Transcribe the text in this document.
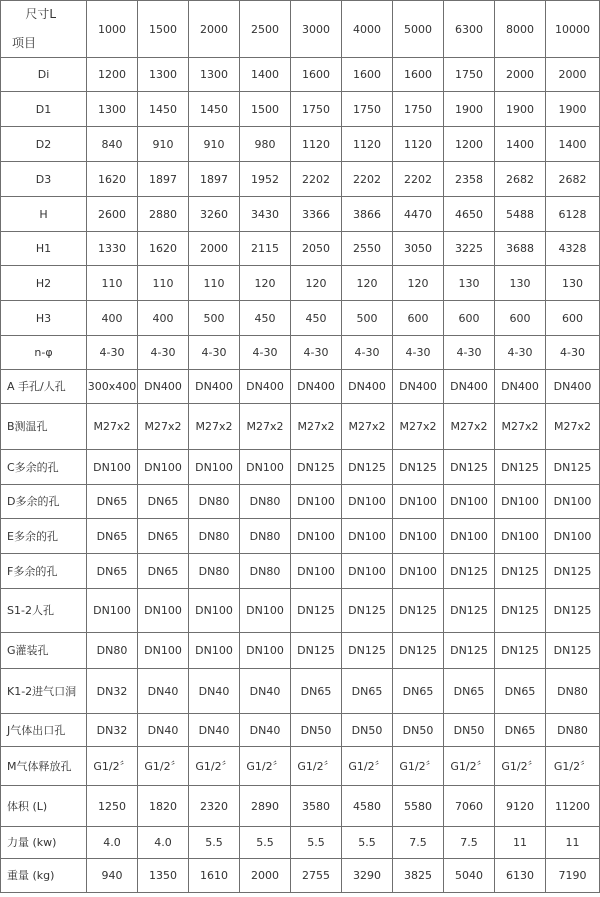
尺寸L
项目	1000	1500	2000	2500	3000	4000	5000	6300	8000	10000
Di	1200	1300	1300	1400	1600	1600	1600	1750	2000	2000
D1	1300	1450	1450	1500	1750	1750	1750	1900	1900	1900
D2	840	910	910	980	1120	1120	1120	1200	1400	1400
D3	1620	1897	1897	1952	2202	2202	2202	2358	2682	2682
H	2600	2880	3260	3430	3366	3866	4470	4650	5488	6128
H1	1330	1620	2000	2115	2050	2550	3050	3225	3688	4328
H2	110	110	110	120	120	120	120	130	130	130
H3	400	400	500	450	450	500	600	600	600	600
n-φ	4-30	4-30	4-30	4-30	4-30	4-30	4-30	4-30	4-30	4-30
A 手孔/人孔	300x400	DN400	DN400	DN400	DN400	DN400	DN400	DN400	DN400	DN400
B测温孔	M27x2	M27x2	M27x2	M27x2	M27x2	M27x2	M27x2	M27x2	M27x2	M27x2
C多余的孔	DN100	DN100	DN100	DN100	DN125	DN125	DN125	DN125	DN125	DN125
D多余的孔	DN65	DN65	DN80	DN80	DN100	DN100	DN100	DN100	DN100	DN100
E多余的孔	DN65	DN65	DN80	DN80	DN100	DN100	DN100	DN100	DN100	DN100
F多余的孔	DN65	DN65	DN80	DN80	DN100	DN100	DN100	DN125	DN125	DN125
S1-2人孔	DN100	DN100	DN100	DN100	DN125	DN125	DN125	DN125	DN125	DN125
G灌装孔	DN80	DN100	DN100	DN100	DN125	DN125	DN125	DN125	DN125	DN125
K1-2进气口洞	DN32	DN40	DN40	DN40	DN65	DN65	DN65	DN65	DN65	DN80
J气体出口孔	DN32	DN40	DN40	DN40	DN50	DN50	DN50	DN50	DN65	DN80
M气体释放孔	G1/2〞	G1/2〞	G1/2〞	G1/2〞	G1/2〞	G1/2〞	G1/2〞	G1/2〞	G1/2〞	G1/2〞
体积 (L)	1250	1820	2320	2890	3580	4580	5580	7060	9120	11200
力量 (kw)	4.0	4.0	5.5	5.5	5.5	5.5	7.5	7.5	11	11
重量 (kg)	940	1350	1610	2000	2755	3290	3825	5040	6130	7190
